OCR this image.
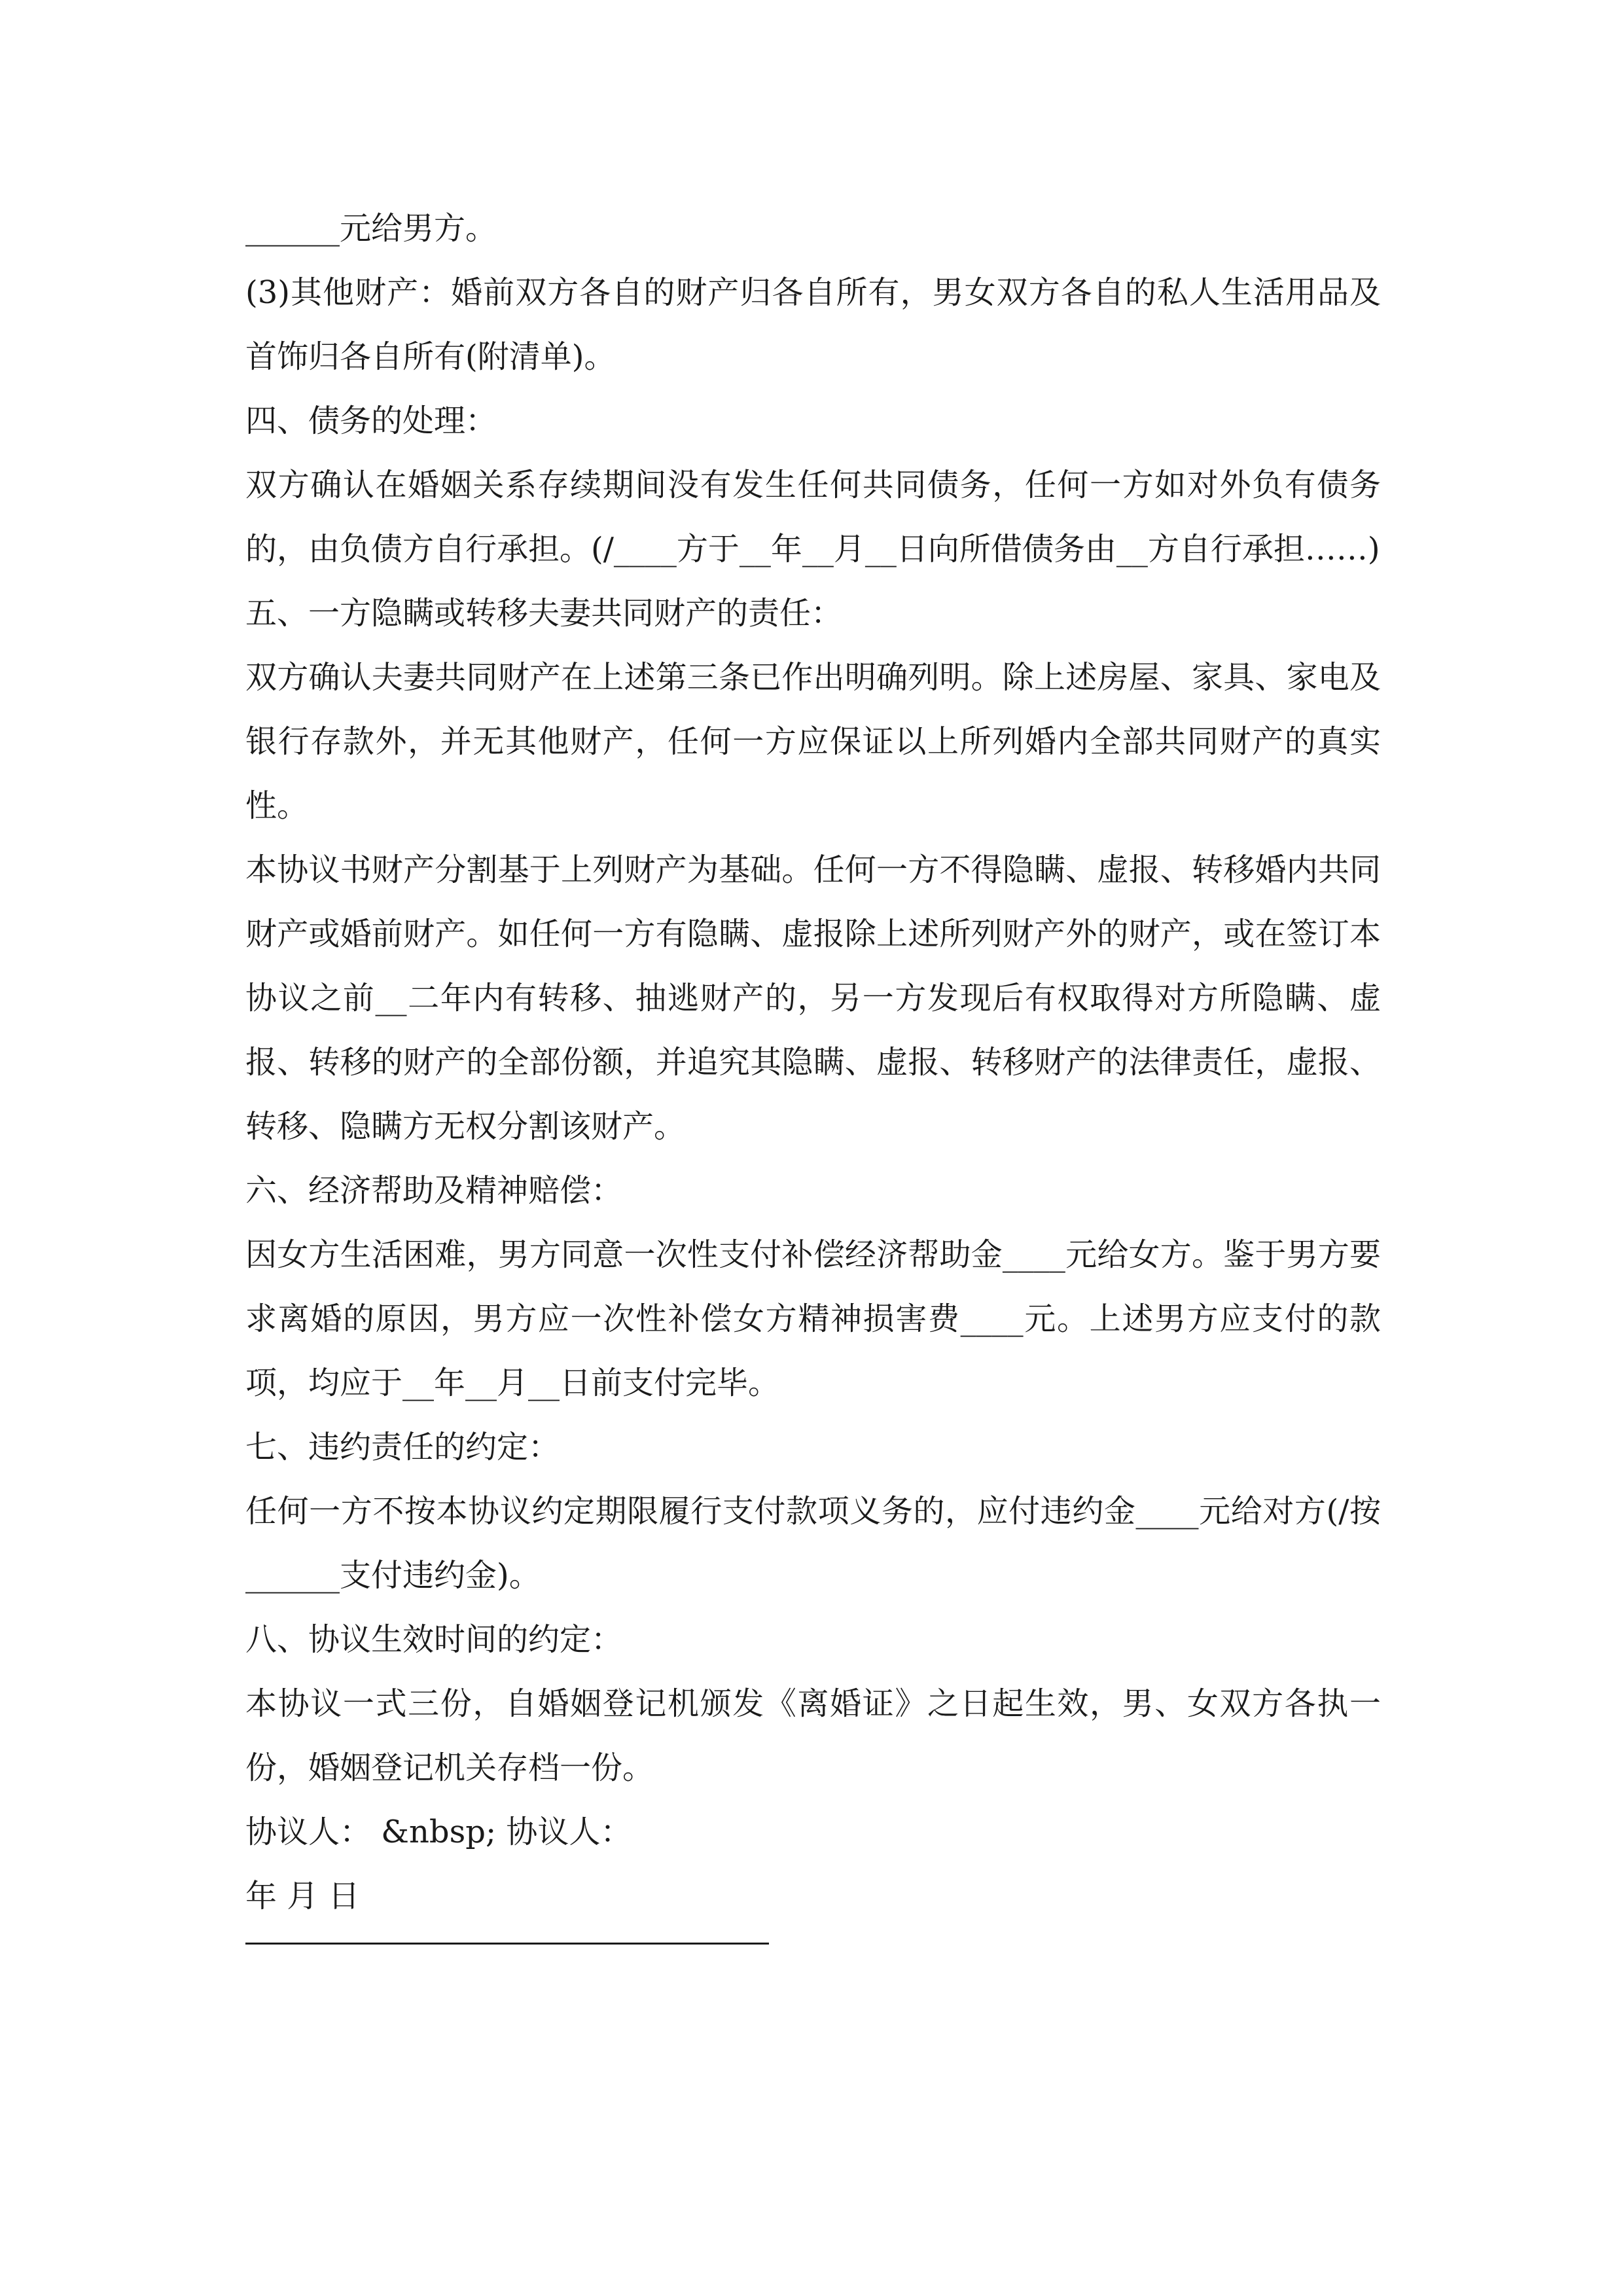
______元给男方。

(3)其他财产：婚前双方各自的财产归各自所有，男女双方各自的私人生活用品及首饰归各自所有(附清单)。

四、债务的处理：

双方确认在婚姻关系存续期间没有发生任何共同债务，任何一方如对外负有债务的，由负债方自行承担。(/____方于__年__月__日向所借债务由__方自行承担……)

五、一方隐瞒或转移夫妻共同财产的责任：

双方确认夫妻共同财产在上述第三条已作出明确列明。除上述房屋、家具、家电及银行存款外，并无其他财产，任何一方应保证以上所列婚内全部共同财产的真实性。

本协议书财产分割基于上列财产为基础。任何一方不得隐瞒、虚报、转移婚内共同财产或婚前财产。如任何一方有隐瞒、虚报除上述所列财产外的财产，或在签订本协议之前__二年内有转移、抽逃财产的，另一方发现后有权取得对方所隐瞒、虚报、转移的财产的全部份额，并追究其隐瞒、虚报、转移财产的法律责任，虚报、转移、隐瞒方无权分割该财产。

六、经济帮助及精神赔偿：

因女方生活困难，男方同意一次性支付补偿经济帮助金____元给女方。鉴于男方要求离婚的原因，男方应一次性补偿女方精神损害费____元。上述男方应支付的款项，均应于__年__月__日前支付完毕。

七、违约责任的约定：

任何一方不按本协议约定期限履行支付款项义务的，应付违约金____元给对方(/按______支付违约金)。

八、协议生效时间的约定：

本协议一式三份，自婚姻登记机颁发《离婚证》之日起生效，男、女双方各执一份，婚姻登记机关存档一份。

协议人： &nbsp; 协议人：

年 月 日
